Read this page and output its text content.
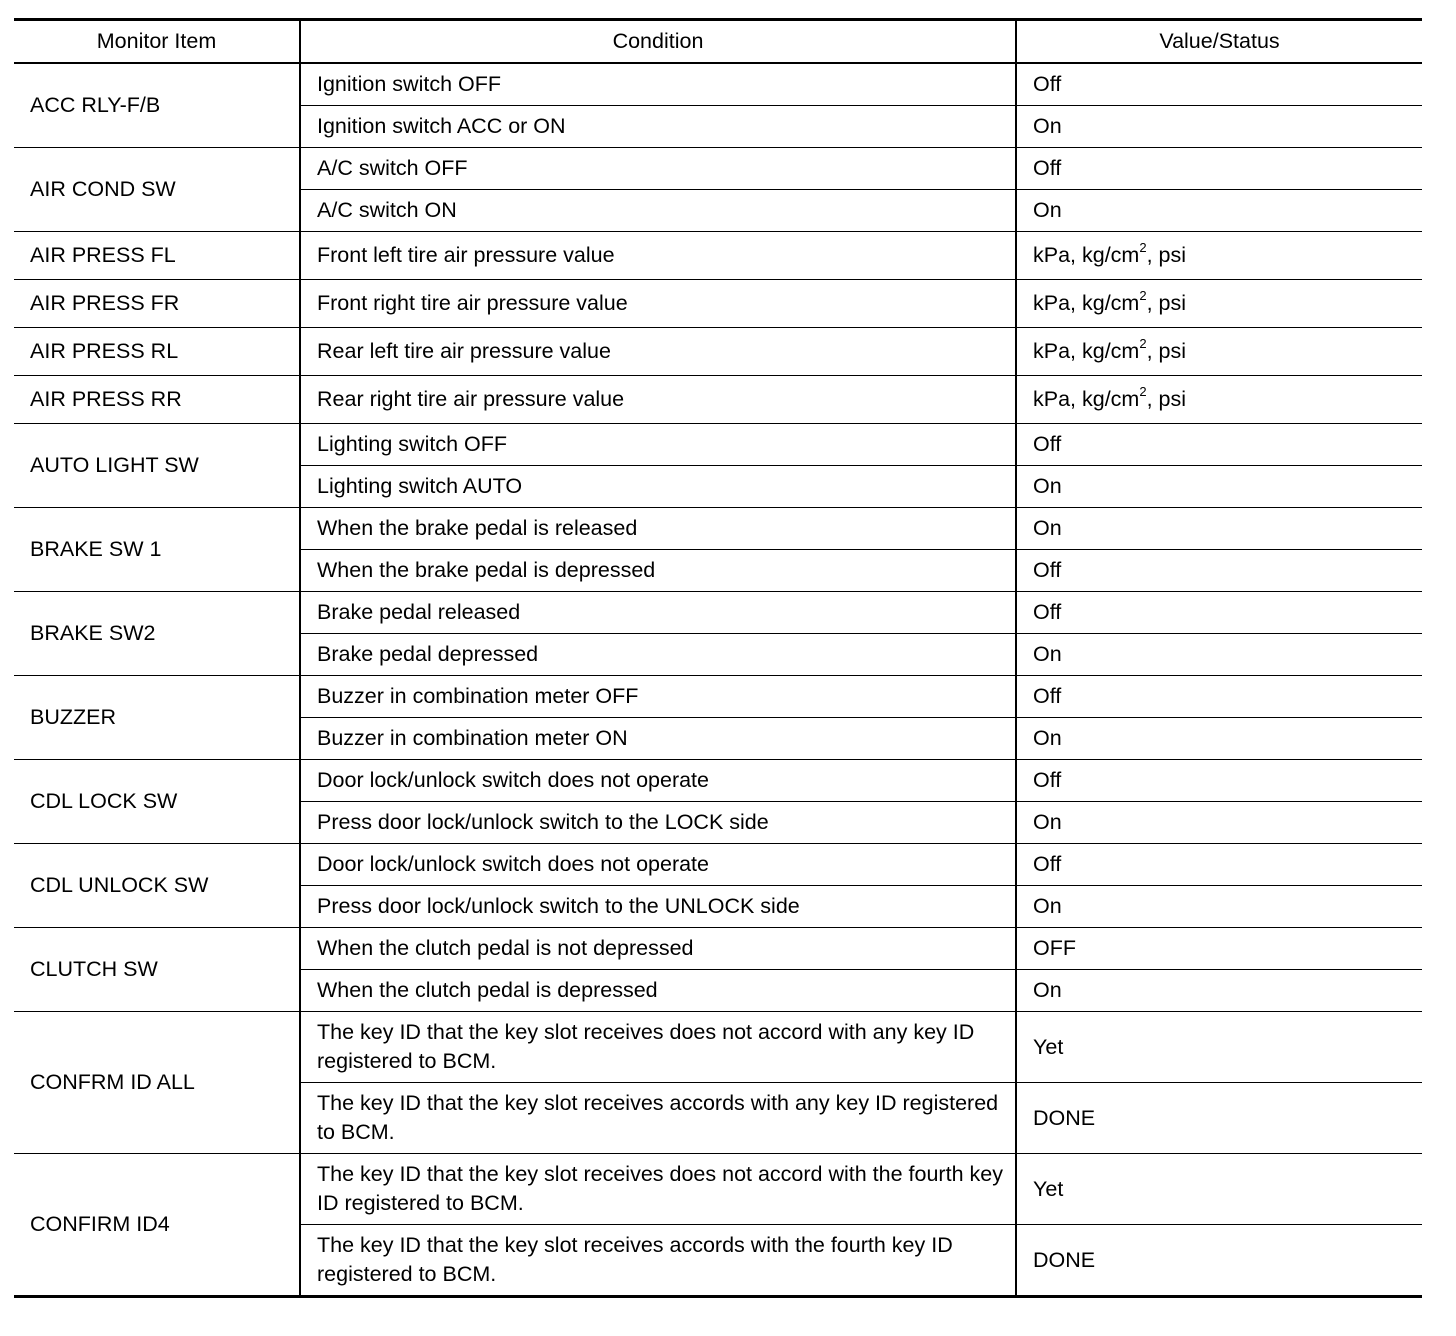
Monitor Item	Condition	Value/Status
ACC RLY-F/B	Ignition switch OFF	Off
	Ignition switch ACC or ON	On
AIR COND SW	A/C switch OFF	Off
	A/C switch ON	On
AIR PRESS FL	Front left tire air pressure value	kPa, $kg/cm^2$, psi
AIR PRESS FR	Front right tire air pressure value	kPa, $kg/cm^2$, psi
AIR PRESS RL	Rear left tire air pressure value	kPa, $kg/cm^2$, psi
AIR PRESS RR	Rear right tire air pressure value	kPa, $kg/cm^2$, psi
AUTO LIGHT SW	Lighting switch OFF	Off
	Lighting switch AUTO	On
BRAKE SW 1	When the brake pedal is released	On
	When the brake pedal is depressed	Off
BRAKE SW2	Brake pedal released	Off
	Brake pedal depressed	On
BUZZER	Buzzer in combination meter OFF	Off
	Buzzer in combination meter ON	On
CDL LOCK SW	Door lock/unlock switch does not operate	Off
	Press door lock/unlock switch to the LOCK side	On
CDL UNLOCK SW	Door lock/unlock switch does not operate	Off
	Press door lock/unlock switch to the UNLOCK side	On
CLUTCH SW	When the clutch pedal is not depressed	OFF
	When the clutch pedal is depressed	On
CONFRM ID ALL	The key ID that the key slot receives does not accord with any key ID registered to BCM.	Yet
	The key ID that the key slot receives accords with any key ID registered to BCM.	DONE
CONFIRM ID4	The key ID that the key slot receives does not accord with the fourth key ID registered to BCM.	Yet
	The key ID that the key slot receives accords with the fourth key ID registered to BCM.	DONE
